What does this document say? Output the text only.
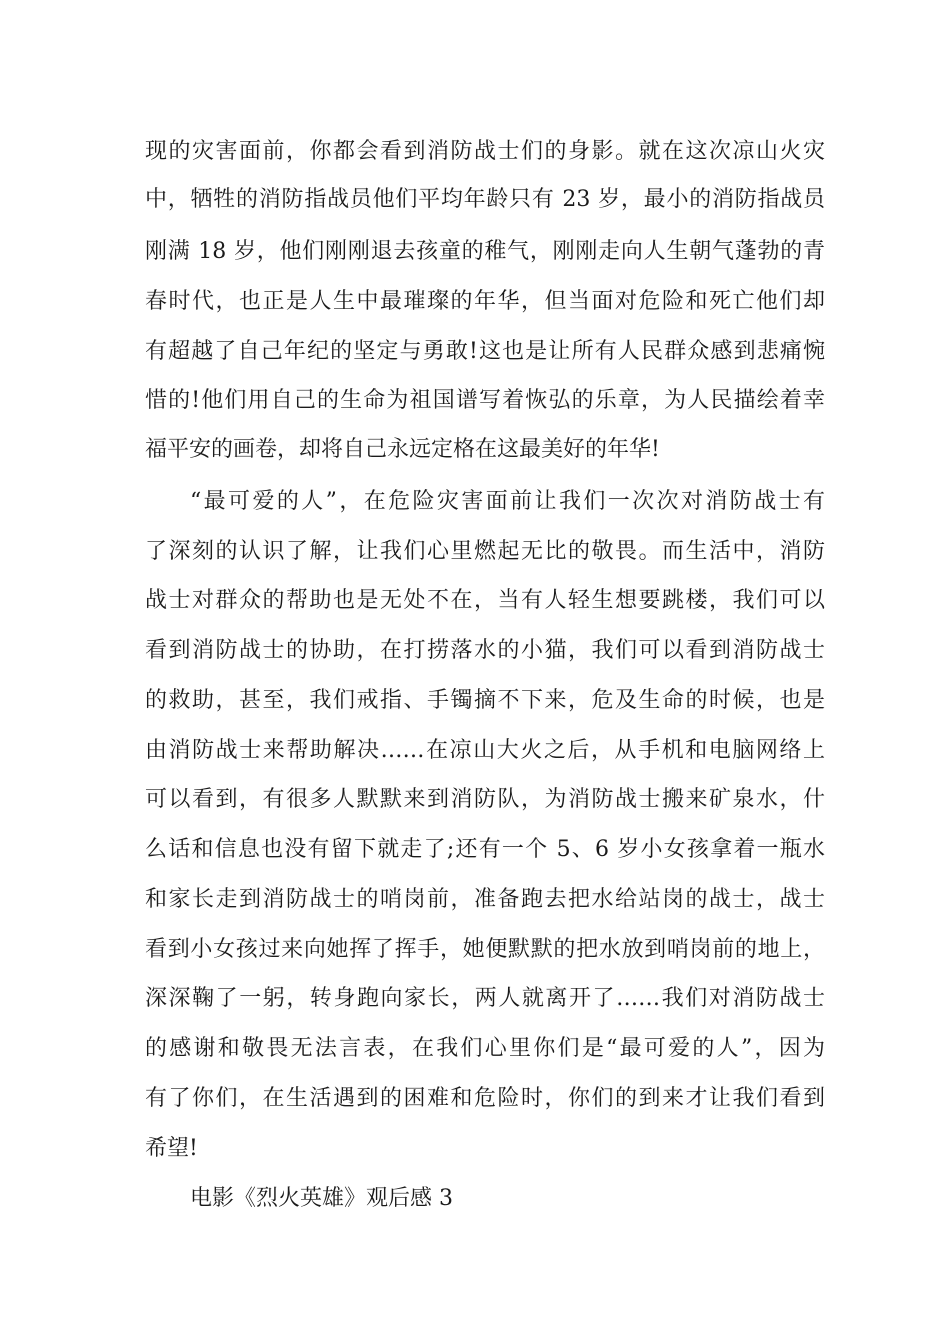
现的灾害面前，你都会看到消防战士们的身影。就在这次凉山火灾
中，牺牲的消防指战员他们平均年龄只有 23 岁，最小的消防指战员
刚满 18 岁，他们刚刚退去孩童的稚气，刚刚走向人生朝气蓬勃的青
春时代，也正是人生中最璀璨的年华，但当面对危险和死亡他们却
有超越了自己年纪的坚定与勇敢!这也是让所有人民群众感到悲痛惋
惜的!他们用自己的生命为祖国谱写着恢弘的乐章，为人民描绘着幸
福平安的画卷，却将自己永远定格在这最美好的年华!
“最可爱的人”，在危险灾害面前让我们一次次对消防战士有
了深刻的认识了解，让我们心里燃起无比的敬畏。而生活中，消防
战士对群众的帮助也是无处不在，当有人轻生想要跳楼，我们可以
看到消防战士的协助，在打捞落水的小猫，我们可以看到消防战士
的救助，甚至，我们戒指、手镯摘不下来，危及生命的时候，也是
由消防战士来帮助解决……在凉山大火之后，从手机和电脑网络上
可以看到，有很多人默默来到消防队，为消防战士搬来矿泉水，什
么话和信息也没有留下就走了;还有一个 5、6 岁小女孩拿着一瓶水
和家长走到消防战士的哨岗前，准备跑去把水给站岗的战士，战士
看到小女孩过来向她挥了挥手，她便默默的把水放到哨岗前的地上，
深深鞠了一躬，转身跑向家长，两人就离开了……我们对消防战士
的感谢和敬畏无法言表，在我们心里你们是“最可爱的人”，因为
有了你们，在生活遇到的困难和危险时，你们的到来才让我们看到
希望!
电影《烈火英雄》观后感 3
